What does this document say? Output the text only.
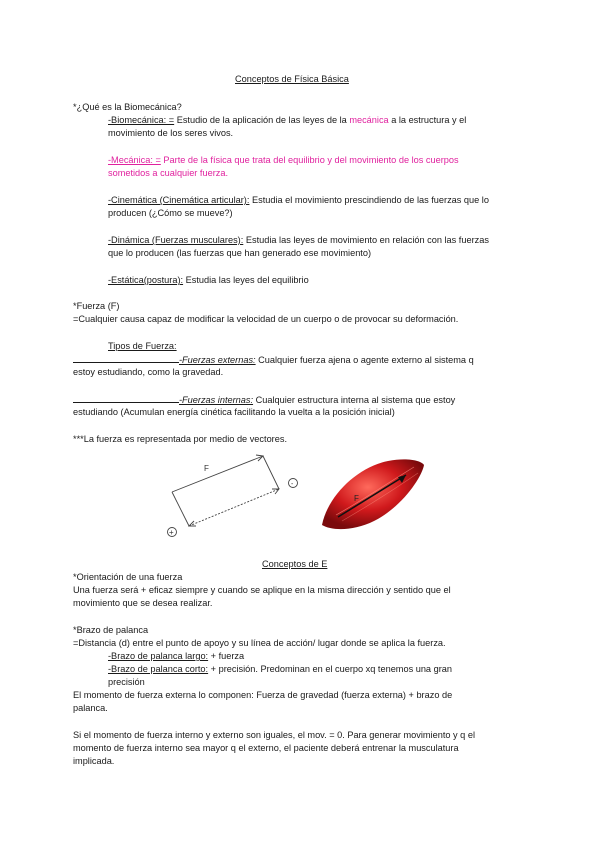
Conceptos de Física Básica
*¿Qué es la Biomecánica?
-Biomecánica: = Estudio de la aplicación de las leyes de la mecánica a la estructura y el
movimiento de los seres vivos.
-Mecánica: = Parte de la física que trata del equilibrio y del movimiento de los cuerpos
sometidos a cualquier fuerza.
-Cinemática (Cinemática articular): Estudia el movimiento prescindiendo de las fuerzas que lo
producen (¿Cómo se mueve?)
-Dinámica (Fuerzas musculares): Estudia las leyes de movimiento en relación con las fuerzas
que lo producen (las fuerzas que han generado ese movimiento)
-Estática(postura): Estudia las leyes del equilibrio
*Fuerza (F)
=Cualquier causa capaz de modificar la velocidad de un cuerpo o de provocar su deformación.
Tipos de Fuerza:
-Fuerzas externas: Cualquier fuerza ajena o agente externo al sistema q
estoy estudiando, como la gravedad.
-Fuerzas internas: Cualquier estructura interna al sistema que estoy
estudiando (Acumulan energía cinética facilitando la vuelta a la posición inicial)
***La fuerza es representada por medio de vectores.
F
-
+
F
Conceptos de E
*Orientación de una fuerza
Una fuerza será + eficaz siempre y cuando se aplique en la misma dirección y sentido que el
movimiento que se desea realizar.
*Brazo de palanca
=Distancia (d) entre el punto de apoyo y su línea de acción/ lugar donde se aplica la fuerza.
-Brazo de palanca largo: + fuerza
-Brazo de palanca corto: + precisión. Predominan en el cuerpo xq tenemos una gran
precisión
El momento de fuerza externa lo componen: Fuerza de gravedad (fuerza externa) + brazo de
palanca.
Si el momento de fuerza interno y externo son iguales, el mov. = 0. Para generar movimiento y q el
momento de fuerza interno sea mayor q el externo, el paciente deberá entrenar la musculatura
implicada.
